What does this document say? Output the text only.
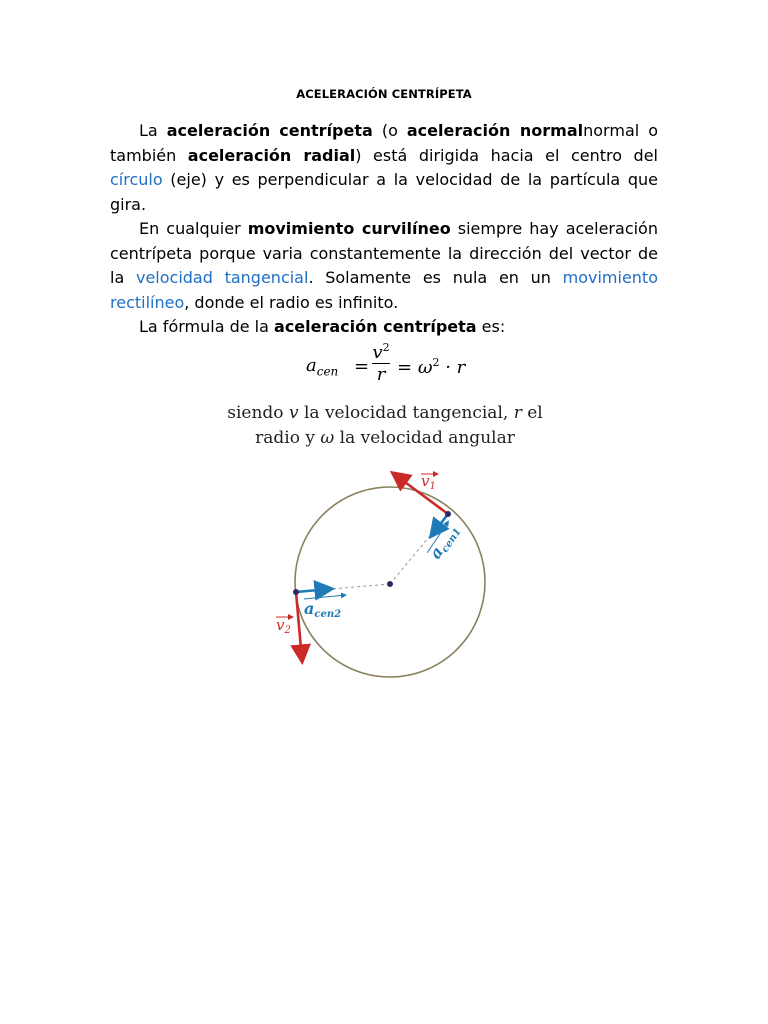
ACELERACIÓN CENTRÍPETA

La aceleración centrípeta (o aceleración normalnormal o también aceleración radial) está dirigida hacia el centro del círculo (eje) y es perpendicular a la velocidad de la partícula que gira.

En cualquier movimiento curvilíneo siempre hay aceleración centrípeta porque varia constantemente la dirección del vector de la velocidad tangencial. Solamente es nula en un movimiento rectilíneo, donde el radio es infinito.

La fórmula de la aceleración centrípeta es:

$a_{cen}$ =
$v^2$
$r = \omega^2 \cdot r$
siendo v la velocidad tangencial, r el
radio y ω la velocidad angular
$v_1$
$v_2$
acen1
acen2
